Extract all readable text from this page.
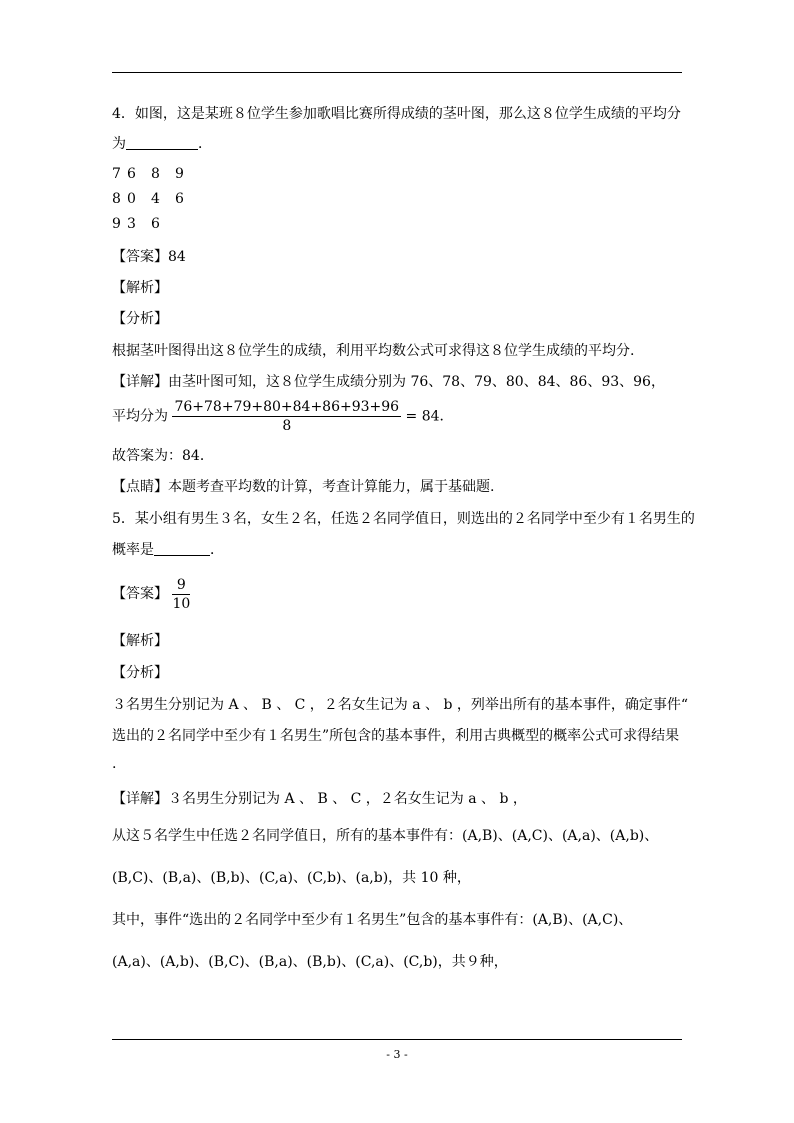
4．如图，这是某班８位学生参加歌唱比赛所得成绩的茎叶图，那么这８位学生成绩的平均分
为	．
7 6 8 9
8 0 4 6
9 3 6
【答案】84
【解析】
【分析】
根据茎叶图得出这８位学生的成绩，利用平均数公式可求得这８位学生成绩的平均分.
【详解】由茎叶图可知，这８位学生成绩分别为 76、78、79、80、84、86、93、96，
平均分为 $\frac{76+78+79+80+84+86+93+96}{8} = 84$．
故答案为：84．
【点睛】本题考查平均数的计算，考查计算能力，属于基础题.
5．某小组有男生３名，女生２名，任选２名同学值日，则选出的２名同学中至少有１名男生的
概率是	．
【答案】 $\frac{9}{10}$
【解析】
【分析】
３名男生分别记为 A 、 B 、 C ，２名女生记为 a 、 b ，列举出所有的基本事件，确定事件“
选出的２名同学中至少有１名男生”所包含的基本事件，利用古典概型的概率公式可求得结果
.
【详解】３名男生分别记为 A 、 B 、 C ，２名女生记为 a 、 b ，
从这５名学生中任选２名同学值日，所有的基本事件有：(A,B)、(A,C)、(A,a)、(A,b)、
(B,C)、(B,a)、(B,b)、(C,a)、(C,b)、(a,b)，共 10 种，
其中，事件“选出的２名同学中至少有１名男生”包含的基本事件有：(A,B)、(A,C)、
(A,a)、(A,b)、(B,C)、(B,a)、(B,b)、(C,a)、(C,b)，共９种，
- 3 -
